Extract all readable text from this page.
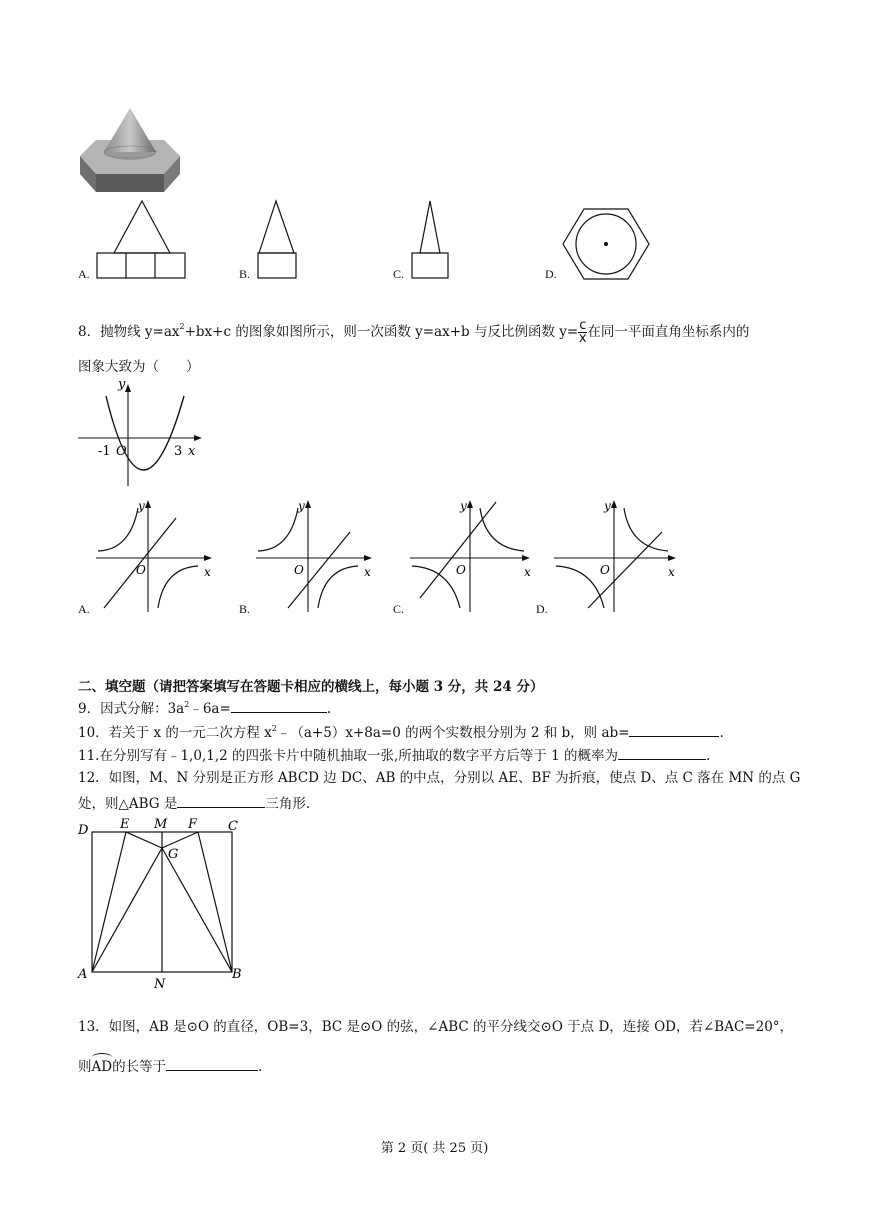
A.	B.	C.	D.
8．抛物线 $y=ax^2+bx+c$ 的图象如图所示，则一次函数 y=ax+b 与反比例函数 $y= \frac{c}{x}$ 在同一平面直角坐标系内的
图象大致为（　　）
y
x
O
-1	3
y
x
O
A.
y
x
O
B.
y
x
O
C.
y
x
O
D.
二、填空题（请把答案填写在答题卡相应的横线上，每小题 3 分，共 24 分）
9．因式分解：$3a^2﹣6a=$	.
10．若关于 x 的一元二次方程 $x^2﹣(a+5)x+8a=0$ 的两个实数根分别为 2 和 b，则 ab=	.
11.在分别写有﹣1,0,1,2 的四张卡片中随机抽取一张,所抽取的数字平方后等于 1 的概率为	.
12．如图，M、N 分别是正方形 ABCD 边 DC、AB 的中点，分别以 AE、BF 为折痕，使点 D、点 C 落在 MN 的点 G
处，则△ABG 是	三角形.
D E M F C
G
A
N
B
13．如图，AB 是⊙O 的直径，OB=3，BC 是⊙O 的弦，∠ABC 的平分线交⊙O 于点 D，连接 OD，若∠BAC=20°，
则AD的长等于	.
第 2 页( 共 25 页)
